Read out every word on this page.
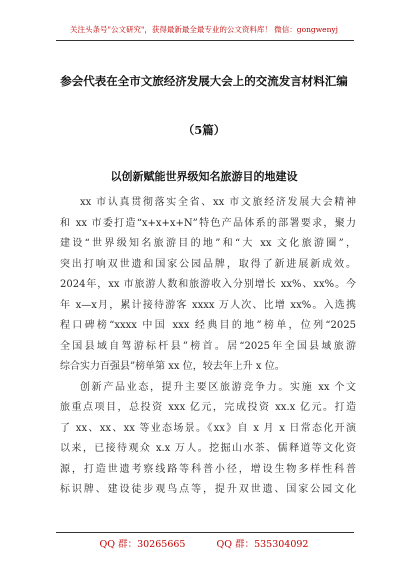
关注头条号"公文研究"，获得最新最全最专业的公文资料库！ 微信：gongwenyj
参会代表在全市文旅经济发展大会上的交流发言材料汇编
（5篇）
以创新赋能世界级知名旅游目的地建设
xx 市认真贯彻落实全省、xx 市文旅经济发展大会精神
和 xx 市委打造“x+x+x+N”特色产品体系的部署要求，聚力
建设“世界级知名旅游目的地”和“大 xx 文化旅游圈”，
突出打响双世遗和国家公园品牌，取得了新进展新成效。
2024年，xx 市旅游人数和旅游收入分别增长 xx%、xx%。今
年 x—x月，累计接待游客 xxxx 万人次、比增 xx%。入选携
程口碑榜“xxxx 中国 xxx 经典目的地”榜单，位列“2025
全国县域自驾游标杆县”榜首。居“2025年全国县域旅游
综合实力百强县”榜单第 xx 位，较去年上升 x 位。
创新产品业态，提升主要区旅游竞争力。实施 xx 个文
旅重点项目，总投资 xxx 亿元，完成投资 xx.x 亿元。打造
了 xx、xx、xx 等业态场景。《xx》自 x 月 x 日常态化开演
以来，已接待观众 x.x 万人。挖掘山水茶、儒释道等文化资
源，打造世遗考察线路等科普小径，增设生物多样性科普
标识牌、建设徒步观鸟点等，提升双世遗、国家公园文化
QQ 群：30265665	QQ 群：535304092
